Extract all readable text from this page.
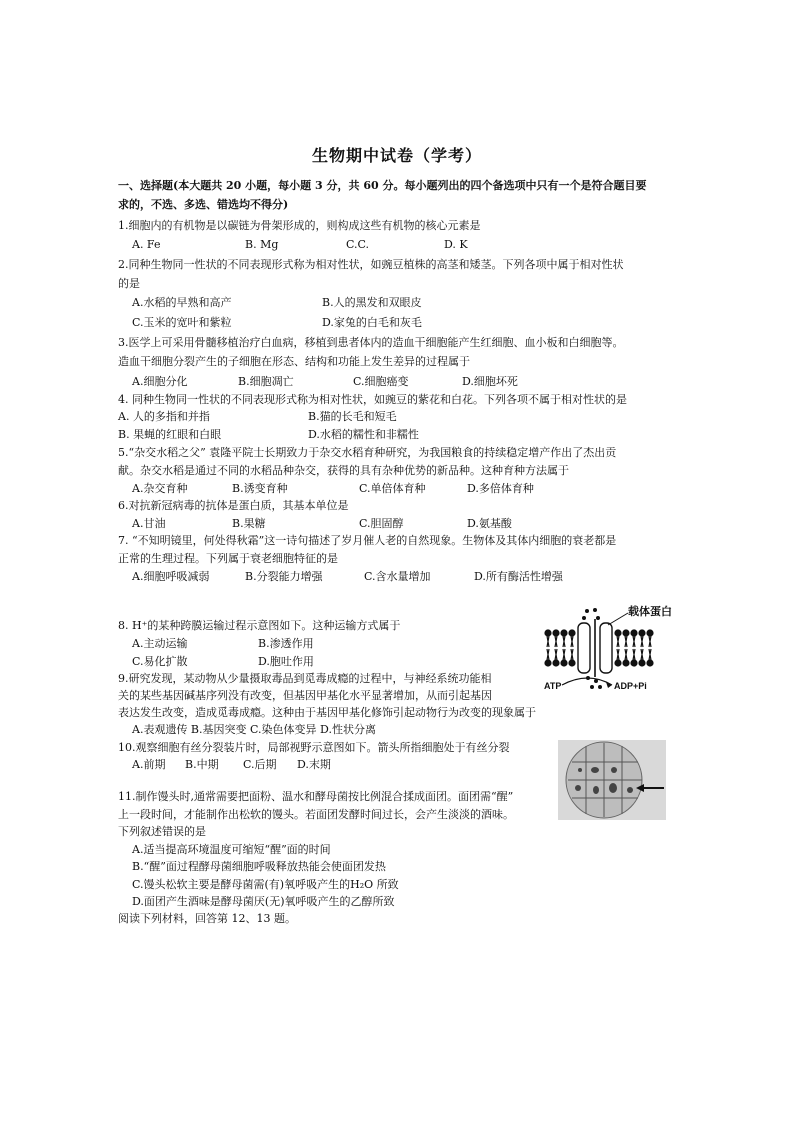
生物期中试卷（学考）
一、选择题(本大题共 20 小题，每小题 3 分，共 60 分。每小题列出的四个备选项中只有一个是符合题目要
求的，不选、多选、错选均不得分)
1.细胞内的有机物是以碳链为骨架形成的，则构成这些有机物的核心元素是
A. Fe	B. Mg	C.C.	D. K
2.同种生物同一性状的不同表现形式称为相对性状，如豌豆植株的高茎和矮茎。下列各项中属于相对性状
的是
A.水稻的早熟和高产	B.人的黑发和双眼皮
C.玉米的宽叶和紫粒	D.家兔的白毛和灰毛
3.医学上可采用骨髓移植治疗白血病，移植到患者体内的造血干细胞能产生红细胞、血小板和白细胞等。
造血干细胞分裂产生的子细胞在形态、结构和功能上发生差异的过程属于
A.细胞分化	B.细胞凋亡	C.细胞癌变	D.细胞坏死
4. 同种生物同一性状的不同表现形式称为相对性状，如豌豆的紫花和白花。下列各项不属于相对性状的是
A. 人的多指和并指	B.猫的长毛和短毛
B. 果蝇的红眼和白眼	D.水稻的糯性和非糯性
5.“杂交水稻之父” 袁隆平院士长期致力于杂交水稻育种研究，为我国粮食的持续稳定增产作出了杰出贡
献。杂交水稻是通过不同的水稻品种杂交，获得的具有杂种优势的新品种。这种育种方法属于
A.杂交育种	B.诱变育种	C.单倍体育种	D.多倍体育种
6.对抗新冠病毒的抗体是蛋白质，其基本单位是
A.甘油	B.果糖	C.胆固醇	D.氨基酸
7. “不知明镜里，何处得秋霜”这一诗句描述了岁月催人老的自然现象。生物体及其体内细胞的衰老都是
正常的生理过程。下列属于衰老细胞特征的是
A.细胞呼吸减弱	B.分裂能力增强	C.含水量增加	D.所有酶活性增强
8. H⁺的某种跨膜运输过程示意图如下。这种运输方式属于
A.主动运输	B.渗透作用
C.易化扩散	D.胞吐作用
载体蛋白
ATP	ADP+Pi
9.研究发现，某动物从少量摄取毒品到觅毒成瘾的过程中，与神经系统功能相
关的某些基因碱基序列没有改变，但基因甲基化水平显著增加，从而引起基因
表达发生改变，造成觅毒成瘾。这种由于基因甲基化修饰引起动物行为改变的现象属于
A.表观遗传 B.基因突变 C.染色体变异 D.性状分离
10.观察细胞有丝分裂装片时，局部视野示意图如下。箭头所指细胞处于有丝分裂
A.前期 B.中期 C.后期 D.末期
11.制作馒头时,通常需要把面粉、温水和酵母菌按比例混合揉成面团。面团需“醒”
上一段时间，才能制作出松软的馒头。若面团发酵时间过长，会产生淡淡的酒味。
下列叙述错误的是
A.适当提高环境温度可缩短“醒”面的时间
B.“醒”面过程酵母菌细胞呼吸释放热能会使面团发热
C.馒头松软主要是酵母菌需(有)氧呼吸产生的H₂O 所致
D.面团产生酒味是酵母菌厌(无)氧呼吸产生的乙醇所致
阅读下列材料，回答第 12、13 题。
